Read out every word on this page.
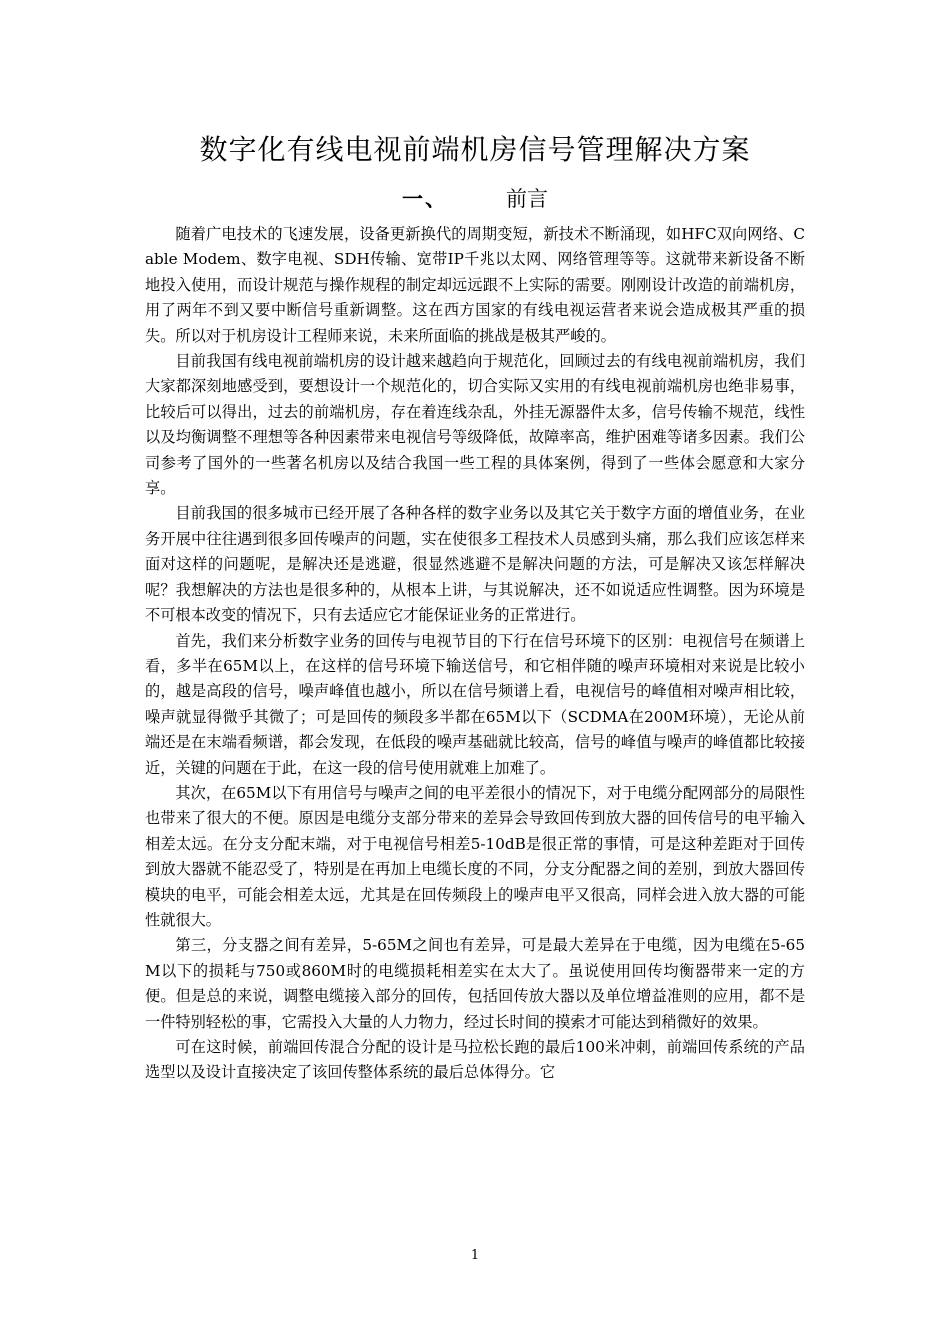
数字化有线电视前端机房信号管理解决方案
一、	前言

随着广电技术的飞速发展，设备更新换代的周期变短，新技术不断涌现，如HFC双向网络、Cable Modem、数字电视、SDH传输、宽带IP千兆以太网、网络管理等等。这就带来新设备不断地投入使用，而设计规范与操作规程的制定却远远跟不上实际的需要。刚刚设计改造的前端机房，用了两年不到又要中断信号重新调整。这在西方国家的有线电视运营者来说会造成极其严重的损失。所以对于机房设计工程师来说，未来所面临的挑战是极其严峻的。

目前我国有线电视前端机房的设计越来越趋向于规范化，回顾过去的有线电视前端机房，我们大家都深刻地感受到，要想设计一个规范化的，切合实际又实用的有线电视前端机房也绝非易事，比较后可以得出，过去的前端机房，存在着连线杂乱，外挂无源器件太多，信号传输不规范，线性以及均衡调整不理想等各种因素带来电视信号等级降低，故障率高，维护困难等诸多因素。我们公司参考了国外的一些著名机房以及结合我国一些工程的具体案例，得到了一些体会愿意和大家分享。

目前我国的很多城市已经开展了各种各样的数字业务以及其它关于数字方面的增值业务，在业务开展中往往遇到很多回传噪声的问题，实在使很多工程技术人员感到头痛，那么我们应该怎样来面对这样的问题呢，是解决还是逃避，很显然逃避不是解决问题的方法，可是解决又该怎样解决呢？我想解决的方法也是很多种的，从根本上讲，与其说解决，还不如说适应性调整。因为环境是不可根本改变的情况下，只有去适应它才能保证业务的正常进行。

首先，我们来分析数字业务的回传与电视节目的下行在信号环境下的区别：电视信号在频谱上看，多半在65M以上，在这样的信号环境下输送信号，和它相伴随的噪声环境相对来说是比较小的，越是高段的信号，噪声峰值也越小，所以在信号频谱上看，电视信号的峰值相对噪声相比较， 噪声就显得微乎其微了；可是回传的频段多半都在65M以下（SCDMA在200M环境），无论从前端还是在末端看频谱，都会发现，在低段的噪声基础就比较高，信号的峰值与噪声的峰值都比较接近，关键的问题在于此，在这一段的信号使用就难上加难了。

其次，在65M以下有用信号与噪声之间的电平差很小的情况下，对于电缆分配网部分的局限性也带来了很大的不便。原因是电缆分支部分带来的差异会导致回传到放大器的回传信号的电平输入相差太远。在分支分配末端，对于电视信号相差5-10dB是很正常的事情，可是这种差距对于回传到放大器就不能忍受了，特别是在再加上电缆长度的不同，分支分配器之间的差别，到放大器回传模块的电平，可能会相差太远，尤其是在回传频段上的噪声电平又很高，同样会进入放大器的可能性就很大。

第三，分支器之间有差异，5-65M之间也有差异，可是最大差异在于电缆，因为电缆在5-65M以下的损耗与750或860M时的电缆损耗相差实在太大了。虽说使用回传均衡器带来一定的方便。但是总的来说，调整电缆接入部分的回传，包括回传放大器以及单位增益准则的应用，都不是一件特别轻松的事，它需投入大量的人力物力，经过长时间的摸索才可能达到稍微好的效果。

可在这时候，前端回传混合分配的设计是马拉松长跑的最后100米冲刺，前端回传系统的产品选型以及设计直接决定了该回传整体系统的最后总体得分。它

1
